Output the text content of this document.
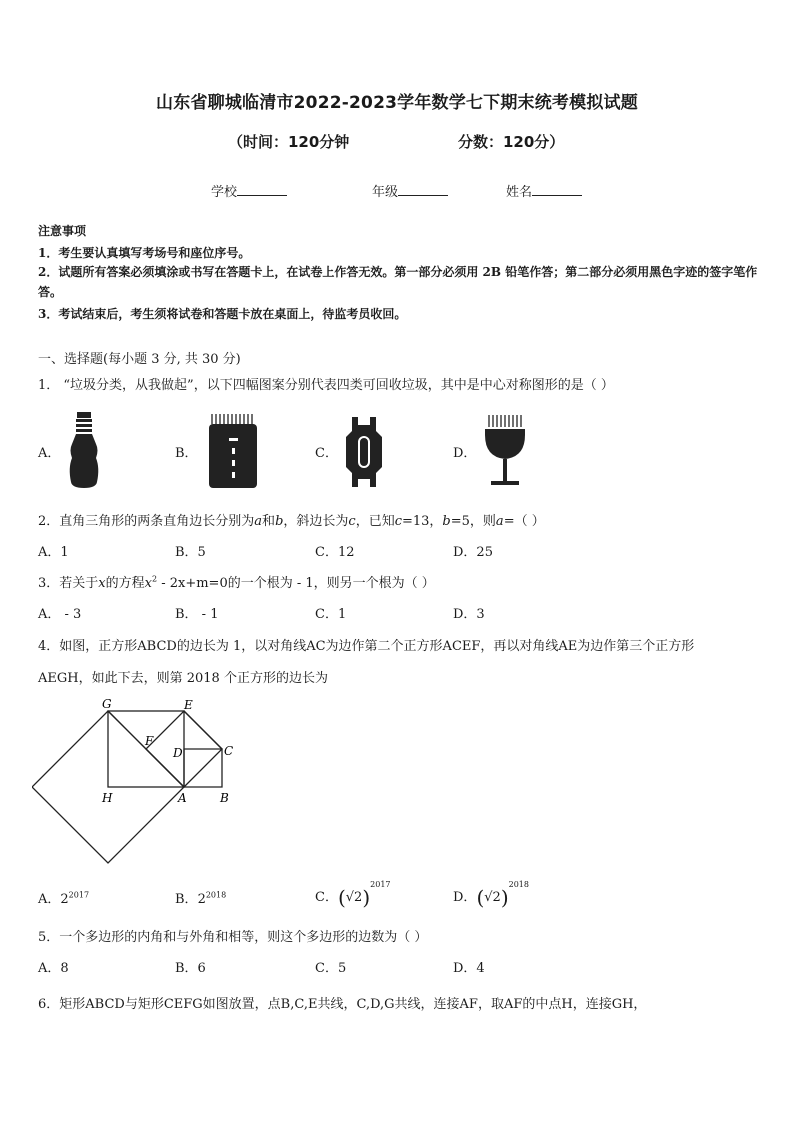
山东省聊城临清市2022-2023学年数学七下期末统考模拟试题
（时间：120分钟	分数：120分）
学校	年级	姓名
注意事项
1．考生要认真填写考场号和座位序号。
2．试题所有答案必须填涂或书写在答题卡上，在试卷上作答无效。第一部分必须用 2B 铅笔作答；第二部分必须用黑色字迹的签字笔作答。
3．考试结束后，考生须将试卷和答题卡放在桌面上，待监考员收回。
一、选择题(每小题 3 分, 共 30 分)
1． “垃圾分类，从我做起”，以下四幅图案分别代表四类可回收垃圾，其中是中心对称图形的是（ ）
A．	B．	C．	D．
2．直角三角形的两条直角边长分别为a和b，斜边长为c，已知c=13，b=5，则a=（ ）
A．1	B．5	C．12	D．25
3．若关于x的方程$x^2 - 2x+m=0$的一个根为 - 1，则另一个根为（ ）
A． - 3	B． - 1	C．1	D．3
4．如图，正方形ABCD的边长为 1，以对角线AC为边作第二个正方形ACEF，再以对角线AE为边作第三个正方形
AEGH，如此下去，则第 2018 个正方形的边长为
G	E
F
D	C
H	A	B
A．$2^{2017}$	B．$2^{2018}$	C．$(√2)^{2017}$
D．$(√2)^{2018}$
5．一个多边形的内角和与外角和相等，则这个多边形的边数为（ ）
A．8	B．6	C．5	D．4
6．矩形ABCD与矩形CEFG如图放置，点B,C,E共线，C,D,G共线，连接AF，取AF的中点H，连接GH，
